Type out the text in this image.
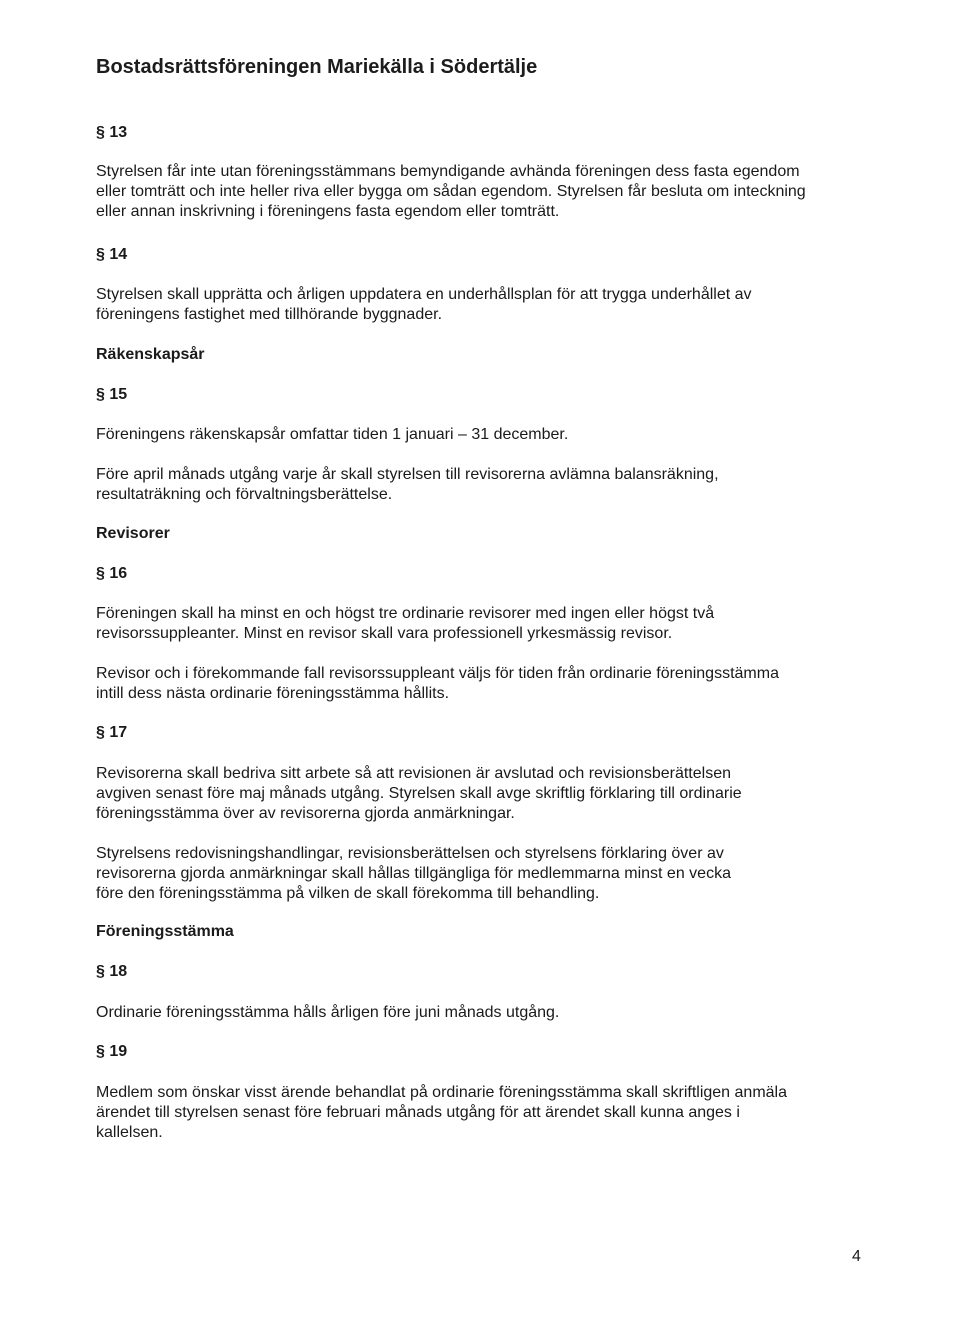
Bostadsrättsföreningen Mariekälla i Södertälje

§ 13

Styrelsen får inte utan föreningsstämmans bemyndigande avhända föreningen dess fasta egendom
eller tomträtt och inte heller riva eller bygga om sådan egendom. Styrelsen får besluta om inteckning
eller annan inskrivning i föreningens fasta egendom eller tomträtt.

§ 14

Styrelsen skall upprätta och årligen uppdatera en underhållsplan för att trygga underhållet av
föreningens fastighet med tillhörande byggnader.

Räkenskapsår

§ 15

Föreningens räkenskapsår omfattar tiden 1 januari – 31 december.

Före april månads utgång varje år skall styrelsen till revisorerna avlämna balansräkning,
resultaträkning och förvaltningsberättelse.

Revisorer

§ 16

Föreningen skall ha minst en och högst tre ordinarie revisorer med ingen eller högst två
revisorssuppleanter. Minst en revisor skall vara professionell yrkesmässig revisor.

Revisor och i förekommande fall revisorssuppleant väljs för tiden från ordinarie föreningsstämma
intill dess nästa ordinarie föreningsstämma hållits.

§ 17

Revisorerna skall bedriva sitt arbete så att revisionen är avslutad och revisionsberättelsen
avgiven senast före maj månads utgång. Styrelsen skall avge skriftlig förklaring till ordinarie
föreningsstämma över av revisorerna gjorda anmärkningar.

Styrelsens redovisningshandlingar, revisionsberättelsen och styrelsens förklaring över av
revisorerna gjorda anmärkningar skall hållas tillgängliga för medlemmarna minst en vecka
före den föreningsstämma på vilken de skall förekomma till behandling.

Föreningsstämma

§ 18

Ordinarie föreningsstämma hålls årligen före juni månads utgång.

§ 19

Medlem som önskar visst ärende behandlat på ordinarie föreningsstämma skall skriftligen anmäla
ärendet till styrelsen senast före februari månads utgång för att ärendet skall kunna anges i
kallelsen.

4
